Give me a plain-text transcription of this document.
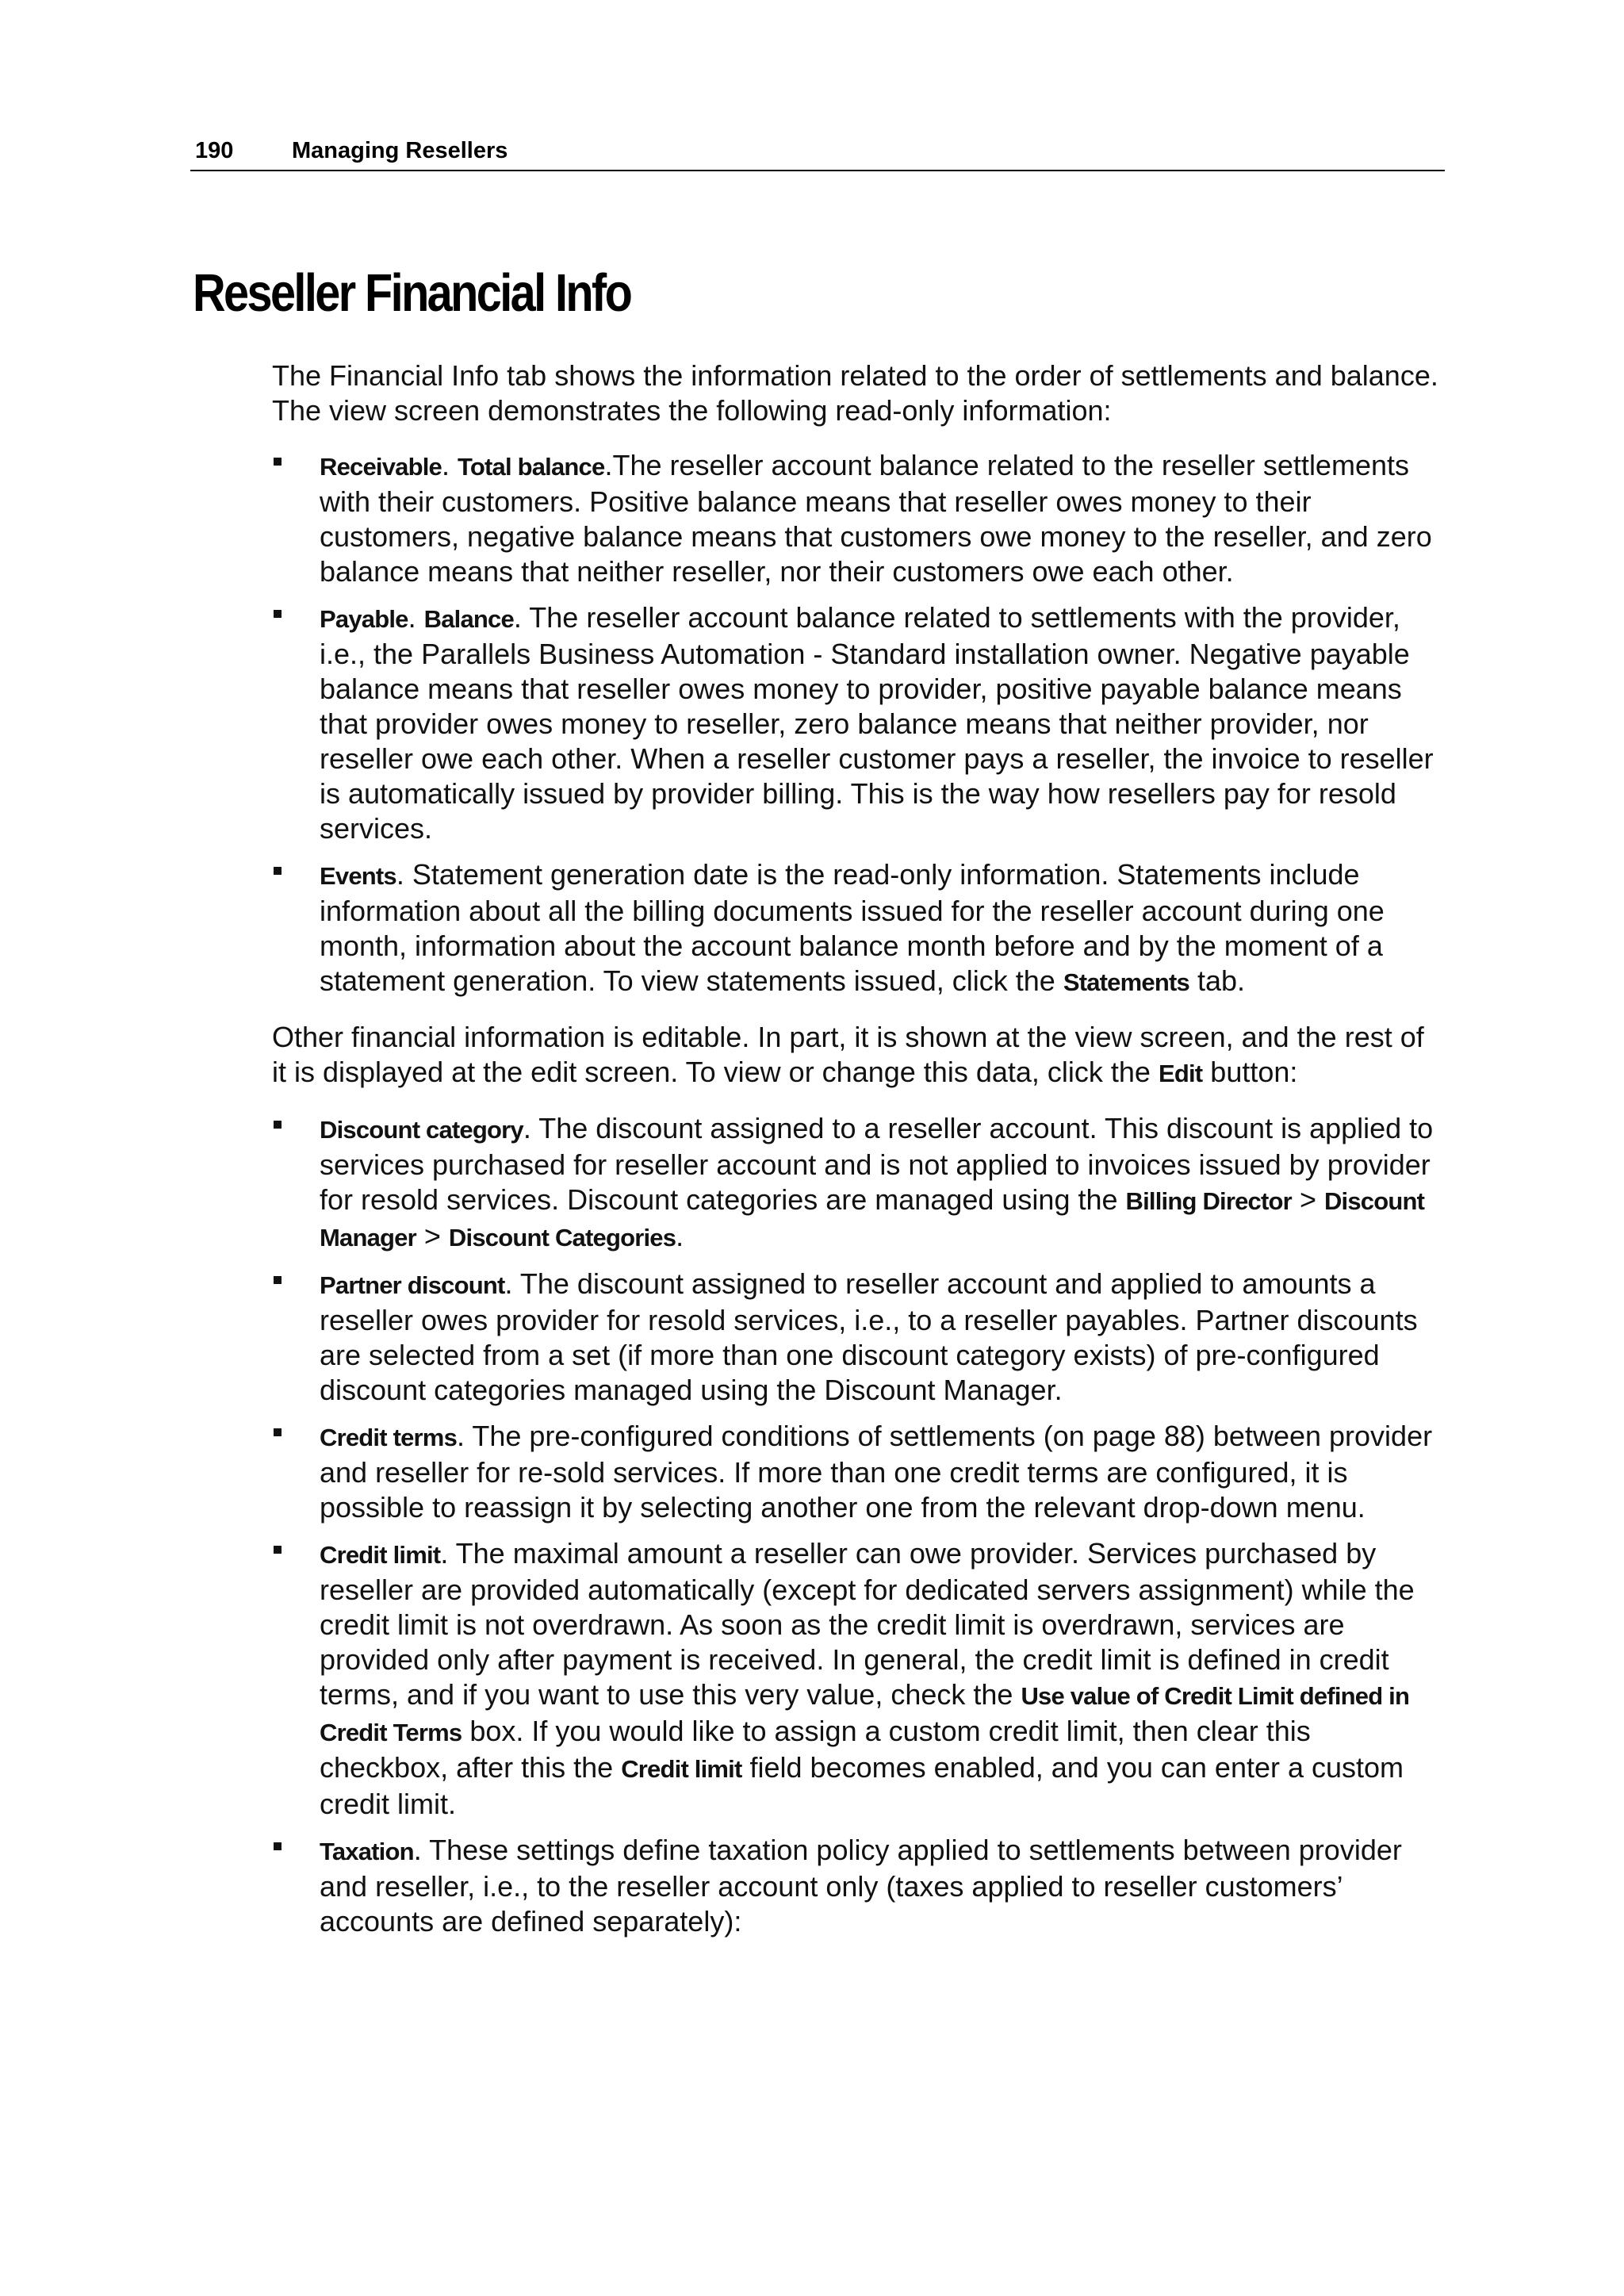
190	Managing Resellers
Reseller Financial Info

The Financial Info tab shows the information related to the order of settlements and balance. The view screen demonstrates the following read-only information:

Receivable. Total balance.The reseller account balance related to the reseller settlements with their customers. Positive balance means that reseller owes money to their customers, negative balance means that customers owe money to the reseller, and zero balance means that neither reseller, nor their customers owe each other.
Payable. Balance. The reseller account balance related to settlements with the provider, i.e., the Parallels Business Automation - Standard installation owner. Negative payable balance means that reseller owes money to provider, positive payable balance means that provider owes money to reseller, zero balance means that neither provider, nor reseller owe each other. When a reseller customer pays a reseller, the invoice to reseller is automatically issued by provider billing. This is the way how resellers pay for resold services.
Events. Statement generation date is the read-only information. Statements include information about all the billing documents issued for the reseller account during one month, information about the account balance month before and by the moment of a statement generation. To view statements issued, click the Statements tab.

Other financial information is editable. In part, it is shown at the view screen, and the rest of it is displayed at the edit screen. To view or change this data, click the Edit button:

Discount category. The discount assigned to a reseller account. This discount is applied to services purchased for reseller account and is not applied to invoices issued by provider for resold services. Discount categories are managed using the Billing Director > Discount Manager > Discount Categories.
Partner discount. The discount assigned to reseller account and applied to amounts a reseller owes provider for resold services, i.e., to a reseller payables. Partner discounts are selected from a set (if more than one discount category exists) of pre-configured discount categories managed using the Discount Manager.
Credit terms. The pre-configured conditions of settlements (on page 88) between provider and reseller for re-sold services. If more than one credit terms are configured, it is possible to reassign it by selecting another one from the relevant drop-down menu.
Credit limit. The maximal amount a reseller can owe provider. Services purchased by reseller are provided automatically (except for dedicated servers assignment) while the credit limit is not overdrawn. As soon as the credit limit is overdrawn, services are provided only after payment is received. In general, the credit limit is defined in credit terms, and if you want to use this very value, check the Use value of Credit Limit defined in Credit Terms box. If you would like to assign a custom credit limit, then clear this checkbox, after this the Credit limit field becomes enabled, and you can enter a custom credit limit.
Taxation. These settings define taxation policy applied to settlements between provider and reseller, i.e., to the reseller account only (taxes applied to reseller customers’ accounts are defined separately):
